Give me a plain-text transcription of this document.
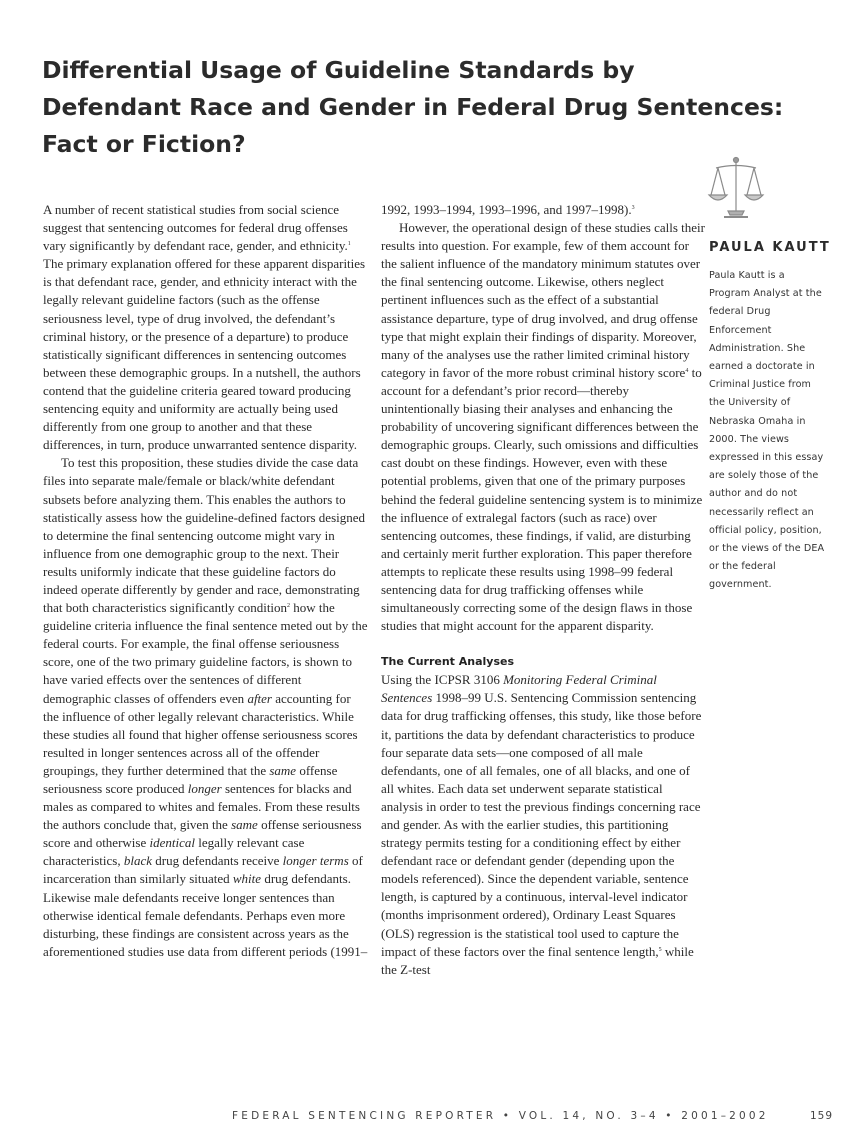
Differential Usage of Guideline Standards by
Defendant Race and Gender in Federal Drug Sentences:
Fact or Fiction?

A number of recent statistical studies from social science suggest that sentencing outcomes for federal drug offenses vary significantly by defendant race, gender, and ethnicity.$^1$ The primary explanation offered for these apparent disparities is that defendant race, gender, and ethnicity interact with the legally relevant guideline factors (such as the offense seriousness level, type of drug involved, the defendant’s criminal history, or the presence of a departure) to produce statistically significant differences in sentencing outcomes between these demographic groups. In a nutshell, the authors contend that the guideline criteria geared toward producing sentencing equity and uniformity are actually being used differently from one group to another and that these differences, in turn, produce unwarranted sentence disparity.

To test this proposition, these studies divide the case data files into separate male/female or black/white defendant subsets before analyzing them. This enables the authors to statistically assess how the guideline-defined factors designed to determine the final sentencing outcome might vary in influence from one demographic group to the next. Their results uniformly indicate that these guideline factors do indeed operate differently by gender and race, demonstrating that both characteristics significantly condition$^2$ how the guideline criteria influence the final sentence meted out by the federal courts. For example, the final offense seriousness score, one of the two primary guideline factors, is shown to have varied effects over the sentences of different demographic classes of offenders even after accounting for the influence of other legally relevant characteristics. While these studies all found that higher offense seriousness scores resulted in longer sentences across all of the offender groupings, they further determined that the same offense seriousness score produced longer sentences for blacks and males as compared to whites and females. From these results the authors conclude that, given the same offense seriousness score and otherwise identical legally relevant case characteristics, black drug defendants receive longer terms of incarceration than similarly situated white drug defendants. Likewise male defendants receive longer sentences than otherwise identical female defendants. Perhaps even more disturbing, these findings are consistent across years as the aforementioned studies use data from different periods (1991–

1992, 1993–1994, 1993–1996, and 1997–1998).$^3$

However, the operational design of these studies calls their results into question. For example, few of them account for the salient influence of the mandatory minimum statutes over the final sentencing outcome. Likewise, others neglect pertinent influences such as the effect of a substantial assistance departure, type of drug involved, and drug offense type that might explain their findings of disparity. Moreover, many of the analyses use the rather limited criminal history category in favor of the more robust criminal history score$^4$ to account for a defendant’s prior record—thereby unintentionally biasing their analyses and enhancing the probability of uncovering significant differences between the demographic groups. Clearly, such omissions and difficulties cast doubt on these findings. However, even with these potential problems, given that one of the primary purposes behind the federal guideline sentencing system is to minimize the influence of extralegal factors (such as race) over sentencing outcomes, these findings, if valid, are disturbing and certainly merit further exploration. This paper therefore attempts to replicate these results using 1998–99 federal sentencing data for drug trafficking offenses while simultaneously correcting some of the design flaws in those studies that might account for the apparent disparity.

The Current Analyses

Using the ICPSR 3106 Monitoring Federal Criminal Sentences 1998–99 U.S. Sentencing Commission sentencing data for drug trafficking offenses, this study, like those before it, partitions the data by defendant characteristics to produce four separate data sets—one composed of all male defendants, one of all females, one of all blacks, and one of all whites. Each data set underwent separate statistical analysis in order to test the previous findings concerning race and gender. As with the earlier studies, this partitioning strategy permits testing for a conditioning effect by either defendant race or defendant gender (depending upon the models referenced). Since the dependent variable, sentence length, is captured by a continuous, interval-level indicator (months imprisonment ordered), Ordinary Least Squares (OLS) regression is the statistical tool used to capture the impact of these factors over the final sentence length,$^5$ while the Z-test

PAULA KAUTT

Paula Kautt is a Program Analyst at the federal Drug Enforcement Administration. She earned a doctorate in Criminal Justice from the University of Nebraska Omaha in 2000. The views expressed in this essay are solely those of the author and do not necessarily reflect an official policy, position, or the views of the DEA or the federal government.

FEDERAL SENTENCING REPORTER • VOL. 14, NO. 3–4 • 2001–2002	159
